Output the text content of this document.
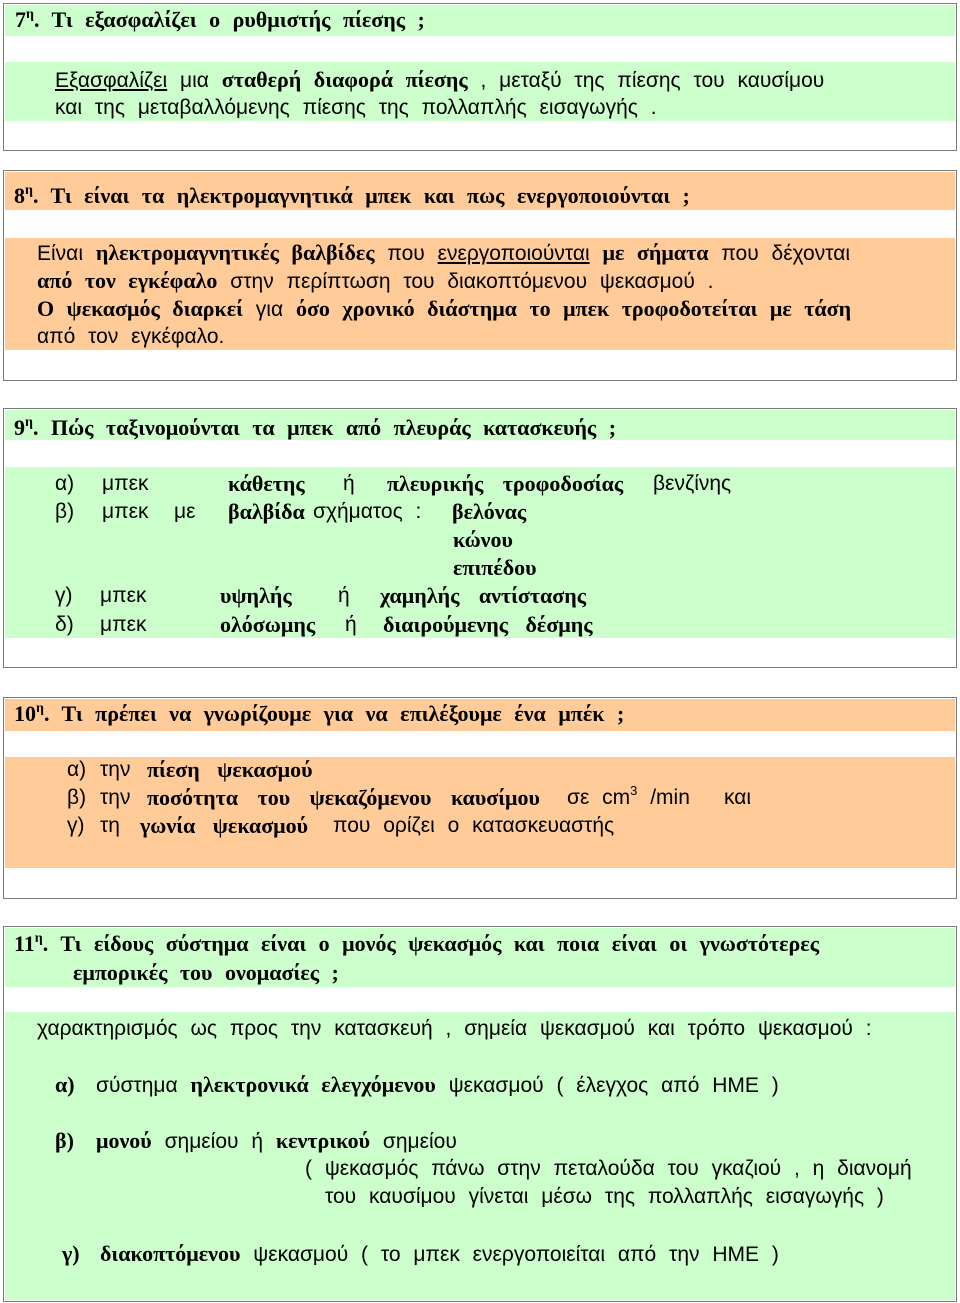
$7^\eta$. Τι εξασφαλίζει ο ρυθμιστής πίεσης ;
Εξασφαλίζει μια σταθερή διαφορά πίεσης , μεταξύ της πίεσης του καυσίμου
και της μεταβαλλόμενης πίεσης της πολλαπλής εισαγωγής .
$8^\eta$. Τι είναι τα ηλεκτρομαγνητικά μπεκ και πως ενεργοποιούνται ;
Είναι ηλεκτρομαγνητικές βαλβίδες που ενεργοποιούνται με σήματα που δέχονται
από τον εγκέφαλο στην περίπτωση του διακοπτόμενου ψεκασμού .
Ο ψεκασμός διαρκεί για όσο χρονικό διάστημα το μπεκ τροφοδοτείται με τάση
από τον εγκέφαλο.
$9^\eta$. Πώς ταξινομούνται τα μπεκ από πλευράς κατασκευής ;
α) μπεκ	κάθετης ή πλευρικής τροφοδοσίας βενζίνης
β) μπεκ με βαλβίδα σχήματος : βελόνας
κώνου
επιπέδου
γ) μπεκ	υψηλής ή χαμηλής αντίστασης
δ) μπεκ	ολόσωμης ή διαιρούμενης δέσμης
$10^\eta$. Τι πρέπει να γνωρίζουμε για να επιλέξουμε ένα μπέκ ;
α) την πίεση ψεκασμού
β) την ποσότητα του ψεκαζόμενου καυσίμου σε $cm^3$ /min και
γ) τη γωνία ψεκασμού που ορίζει ο κατασκευαστής
$11^\eta$. Τι είδους σύστημα είναι ο μονός ψεκασμός και ποια είναι οι γνωστότερες
εμπορικές του ονομασίες ;
χαρακτηρισμός ως προς την κατασκευή , σημεία ψεκασμού και τρόπο ψεκασμού :
α) σύστημα ηλεκτρονικά ελεγχόμενου ψεκασμού ( έλεγχος από ΗΜΕ )
β) μονού σημείου ή κεντρικού σημείου
( ψεκασμός πάνω στην πεταλούδα του γκαζιού , η διανομή
του καυσίμου γίνεται μέσω της πολλαπλής εισαγωγής )
γ) διακοπτόμενου ψεκασμού ( το μπεκ ενεργοποιείται από την ΗΜΕ )
